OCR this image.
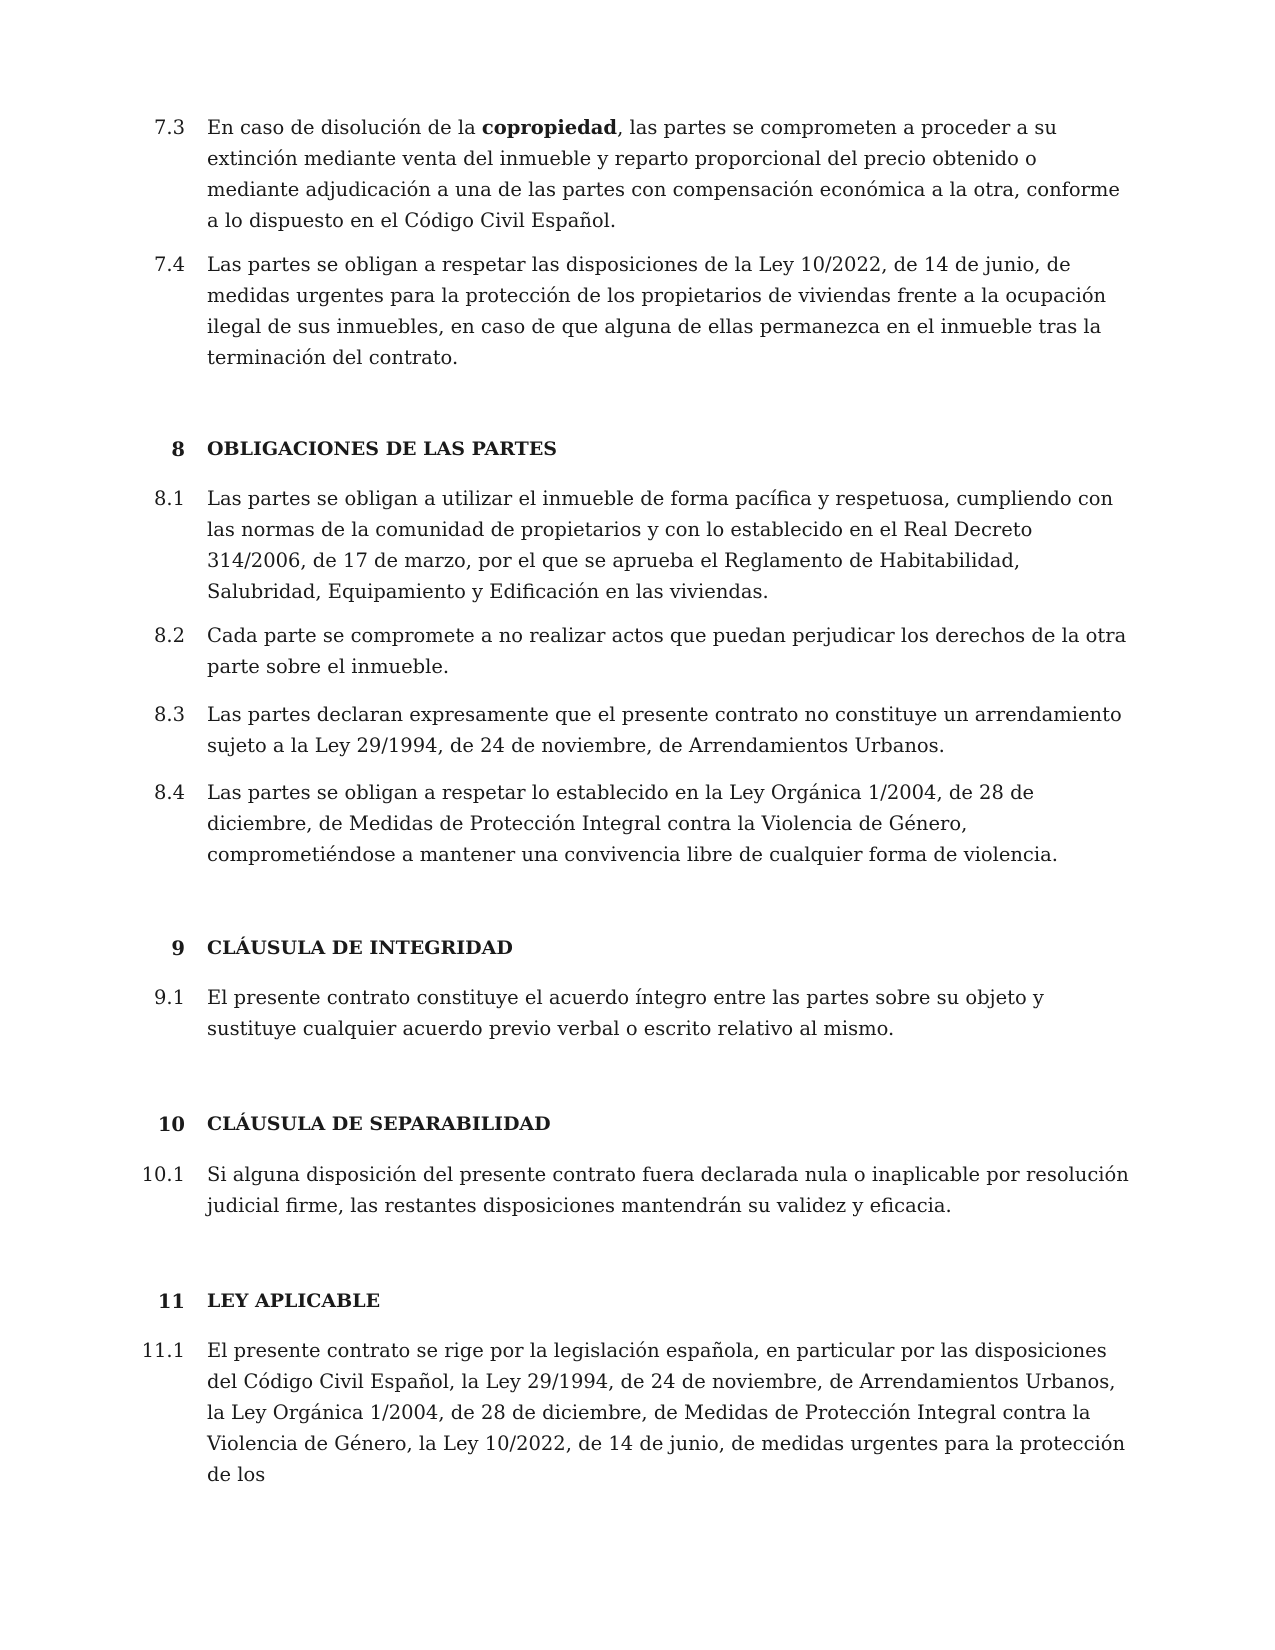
7.3 En caso de disolución de la copropiedad, las partes se comprometen a proceder a su extinción mediante venta del inmueble y reparto proporcional del precio obtenido o mediante adjudicación a una de las partes con compensación económica a la otra, conforme a lo dispuesto en el Código Civil Español.
7.4 Las partes se obligan a respetar las disposiciones de la Ley 10/2022, de 14 de junio, de medidas urgentes para la protección de los propietarios de viviendas frente a la ocupación ilegal de sus inmuebles, en caso de que alguna de ellas permanezca en el inmueble tras la terminación del contrato.
8 OBLIGACIONES DE LAS PARTES
8.1 Las partes se obligan a utilizar el inmueble de forma pacífica y respetuosa, cumpliendo con las normas de la comunidad de propietarios y con lo establecido en el Real Decreto 314/2006, de 17 de marzo, por el que se aprueba el Reglamento de Habitabilidad, Salubridad, Equipamiento y Edificación en las viviendas.
8.2 Cada parte se compromete a no realizar actos que puedan perjudicar los derechos de la otra parte sobre el inmueble.
8.3 Las partes declaran expresamente que el presente contrato no constituye un arrendamiento sujeto a la Ley 29/1994, de 24 de noviembre, de Arrendamientos Urbanos.
8.4 Las partes se obligan a respetar lo establecido en la Ley Orgánica 1/2004, de 28 de diciembre, de Medidas de Protección Integral contra la Violencia de Género, comprometiéndose a mantener una convivencia libre de cualquier forma de violencia.
9 CLÁUSULA DE INTEGRIDAD
9.1 El presente contrato constituye el acuerdo íntegro entre las partes sobre su objeto y sustituye cualquier acuerdo previo verbal o escrito relativo al mismo.
10 CLÁUSULA DE SEPARABILIDAD
10.1 Si alguna disposición del presente contrato fuera declarada nula o inaplicable por resolución judicial firme, las restantes disposiciones mantendrán su validez y eficacia.
11 LEY APLICABLE
11.1 El presente contrato se rige por la legislación española, en particular por las disposiciones del Código Civil Español, la Ley 29/1994, de 24 de noviembre, de Arrendamientos Urbanos, la Ley Orgánica 1/2004, de 28 de diciembre, de Medidas de Protección Integral contra la Violencia de Género, la Ley 10/2022, de 14 de junio, de medidas urgentes para la protección de los
